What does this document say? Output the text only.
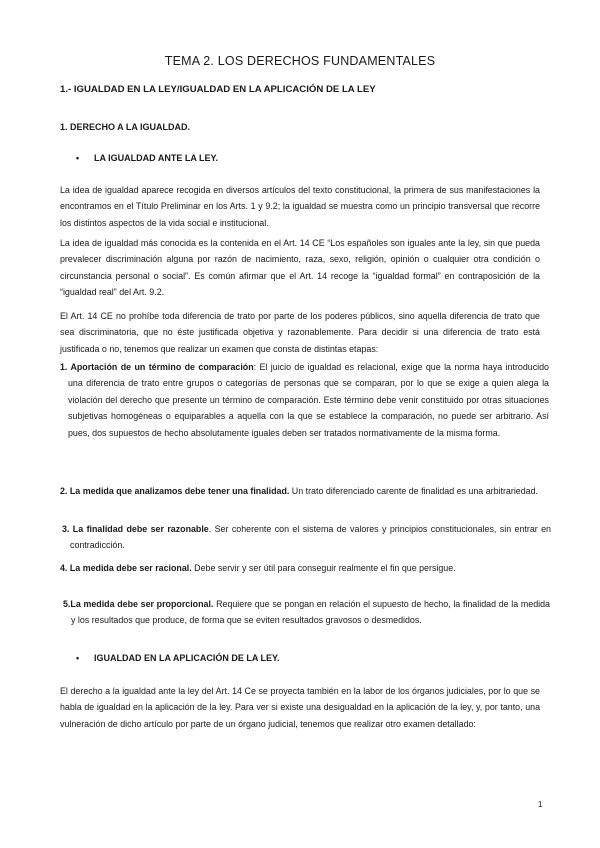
TEMA 2. LOS DERECHOS FUNDAMENTALES
1.- IGUALDAD EN LA LEY/IGUALDAD EN LA APLICACIÓN DE LA LEY
1. DERECHO A LA IGUALDAD.
• LA IGUALDAD ANTE LA LEY.
La idea de igualdad aparece recogida en diversos artículos del texto constitucional, la primera de sus manifestaciones la encontramos en el Título Preliminar en los Arts. 1 y 9.2; la igualdad se muestra como un principio transversal que recorre los distintos aspectos de la vida social e institucional.
La idea de igualdad más conocida es la contenida en el Art. 14 CE “Los españoles son iguales ante la ley, sin que pueda prevalecer discriminación alguna por razón de nacimiento, raza, sexo, religión, opinión o cualquier otra condición o circunstancia personal o social”. Es común afirmar que el Art. 14 recoge la “igualdad formal” en contraposición de la “igualdad real” del Art. 9.2.
El Art. 14 CE no prohíbe toda diferencia de trato por parte de los poderes públicos, sino aquella diferencia de trato que sea discriminatoria, que no éste justificada objetiva y razonablemente. Para decidir si una diferencia de trato está justificada o no, tenemos que realizar un examen que consta de distintas etapas:
1. Aportación de un término de comparación: El juicio de igualdad es relacional, exige que la norma haya introducido una diferencia de trato entre grupos o categorías de personas que se comparan, por lo que se exige a quien alega la violación del derecho que presente un término de comparación. Este término debe venir constituido por otras situaciones subjetivas homogéneas o equiparables a aquella con la que se establece la comparación, no puede ser arbitrario. Así pues, dos supuestos de hecho absolutamente iguales deben ser tratados normativamente de la misma forma.
2. La medida que analizamos debe tener una finalidad. Un trato diferenciado carente de finalidad es una arbitrariedad.
3. La finalidad debe ser razonable. Ser coherente con el sistema de valores y principios constitucionales, sin entrar en contradicción.
4. La medida debe ser racional. Debe servir y ser útil para conseguir realmente el fin que persigue.
5.La medida debe ser proporcional. Requiere que se pongan en relación el supuesto de hecho, la finalidad de la medida y los resultados que produce, de forma que se eviten resultados gravosos o desmedidos.
• IGUALDAD EN LA APLICACIÓN DE LA LEY.
El derecho a la igualdad ante la ley del Art. 14 Ce se proyecta también en la labor de los órganos judiciales, por lo que se habla de igualdad en la aplicación de la ley. Para ver si existe una desigualdad en la aplicación de la ley, y, por tanto, una vulneración de dicho artículo por parte de un órgano judicial, tenemos que realizar otro examen detallado:
1
